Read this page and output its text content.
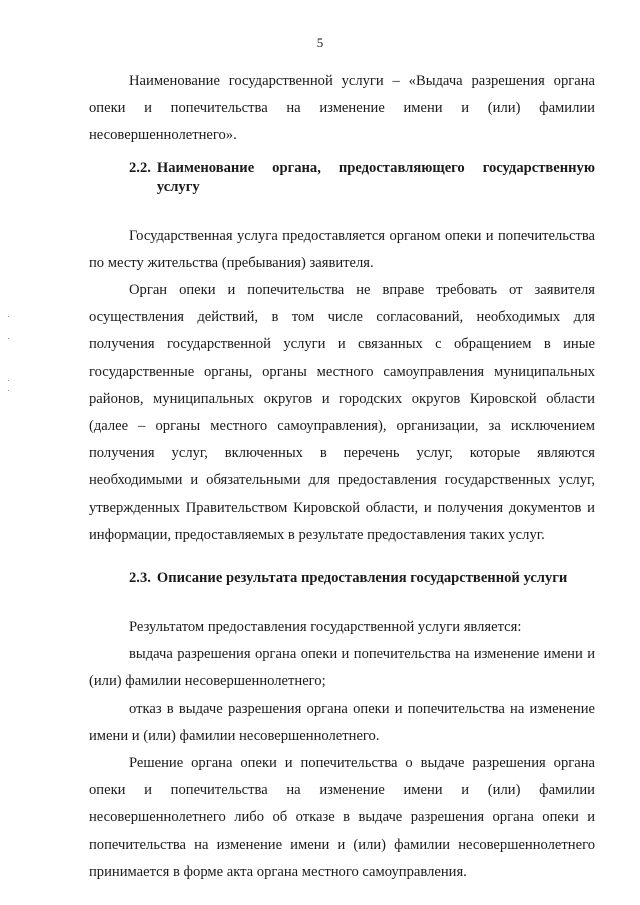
5

Наименование государственной услуги – «Выдача разрешения органа опеки и попечительства на изменение имени и (или) фамилии несовершеннолетнего».

2.2. Наименование органа, предоставляющего государственную услугу

Государственная услуга предоставляется органом опеки и попечительства по месту жительства (пребывания) заявителя.

Орган опеки и попечительства не вправе требовать от заявителя осуществления действий, в том числе согласований, необходимых для получения государственной услуги и связанных с обращением в иные государственные органы, органы местного самоуправления муниципальных районов, муниципальных округов и городских округов Кировской области (далее – органы местного самоуправления), организации, за исключением получения услуг, включенных в перечень услуг, которые являются необходимыми и обязательными для предоставления государственных услуг, утвержденных Правительством Кировской области, и получения документов и информации, предоставляемых в результате предоставления таких услуг.

2.3. Описание результата предоставления государственной услуги

Результатом предоставления государственной услуги является:

выдача разрешения органа опеки и попечительства на изменение имени и (или) фамилии несовершеннолетнего;

отказ в выдаче разрешения органа опеки и попечительства на изменение имени и (или) фамилии несовершеннолетнего.

Решение органа опеки и попечительства о выдаче разрешения органа опеки и попечительства на изменение имени и (или) фамилии несовершеннолетнего либо об отказе в выдаче разрешения органа опеки и попечительства на изменение имени и (или) фамилии несовершеннолетнего принимается в форме акта органа местного самоуправления.
